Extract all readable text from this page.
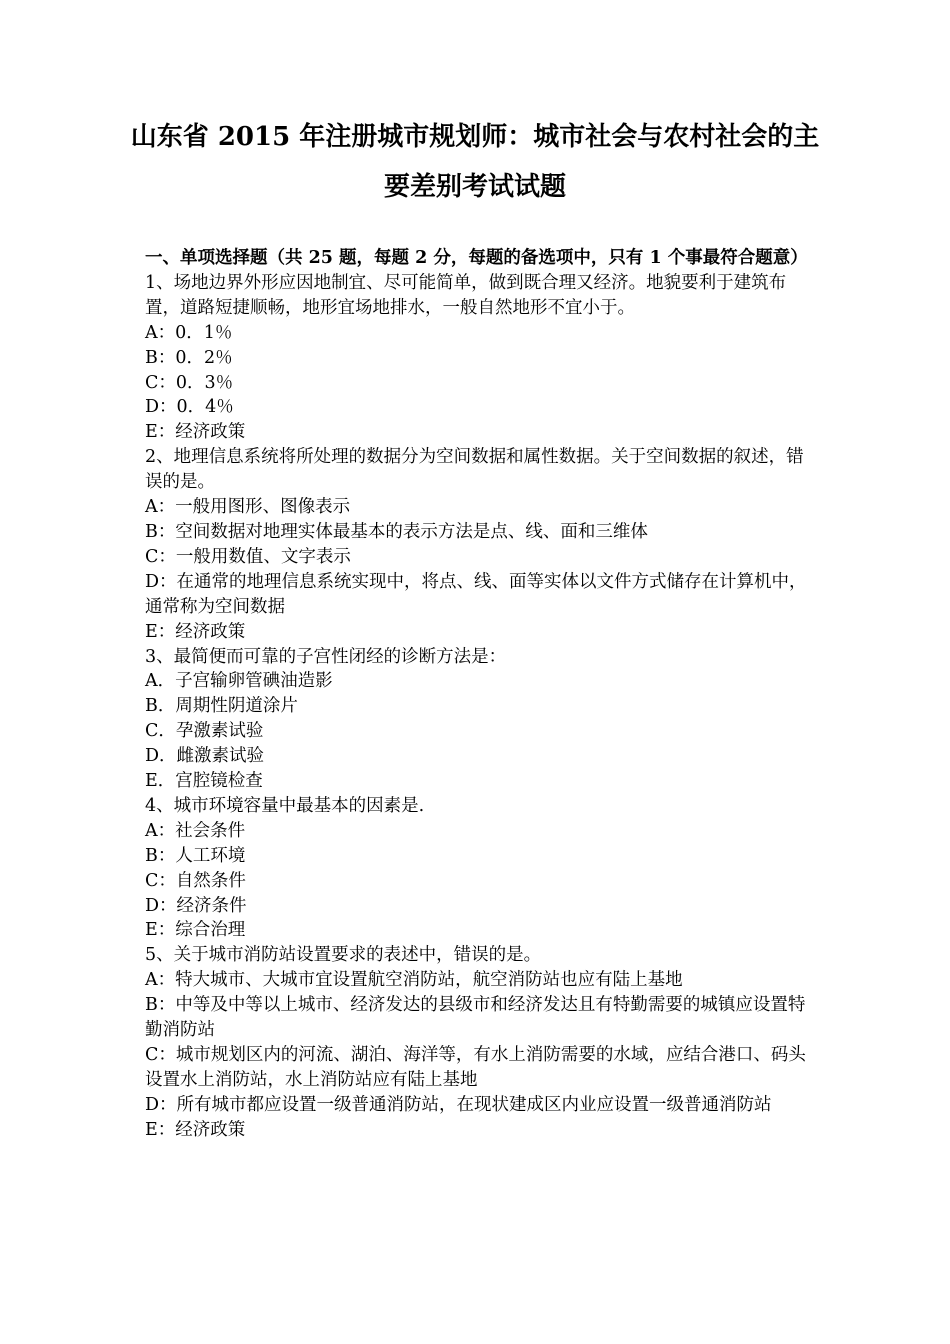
山东省 2015 年注册城市规划师：城市社会与农村社会的主要差别考试试题

一、单项选择题（共 25 题，每题 2 分，每题的备选项中，只有 1 个事最符合题意）

1、场地边界外形应因地制宜、尽可能简单，做到既合理又经济。地貌要利于建筑布置，道路短捷顺畅，地形宜场地排水，一般自然地形不宜小于。

A：0．1％

B：0．2％

C：0．3％

D：0．4％

E：经济政策

2、地理信息系统将所处理的数据分为空间数据和属性数据。关于空间数据的叙述，错误的是。

A：一般用图形、图像表示

B：空间数据对地理实体最基本的表示方法是点、线、面和三维体

C：一般用数值、文字表示

D：在通常的地理信息系统实现中，将点、线、面等实体以文件方式储存在计算机中，通常称为空间数据

E：经济政策

3、最简便而可靠的子宫性闭经的诊断方法是：

A．子宫输卵管碘油造影

B．周期性阴道涂片

C．孕激素试验

D．雌激素试验

E．宫腔镜检查

4、城市环境容量中最基本的因素是.

A：社会条件

B：人工环境

C：自然条件

D：经济条件

E：综合治理

5、关于城市消防站设置要求的表述中，错误的是。

A：特大城市、大城市宜设置航空消防站，航空消防站也应有陆上基地

B：中等及中等以上城市、经济发达的县级市和经济发达且有特勤需要的城镇应设置特勤消防站

C：城市规划区内的河流、湖泊、海洋等，有水上消防需要的水域，应结合港口、码头设置水上消防站，水上消防站应有陆上基地

D：所有城市都应设置一级普通消防站，在现状建成区内业应设置一级普通消防站

E：经济政策
